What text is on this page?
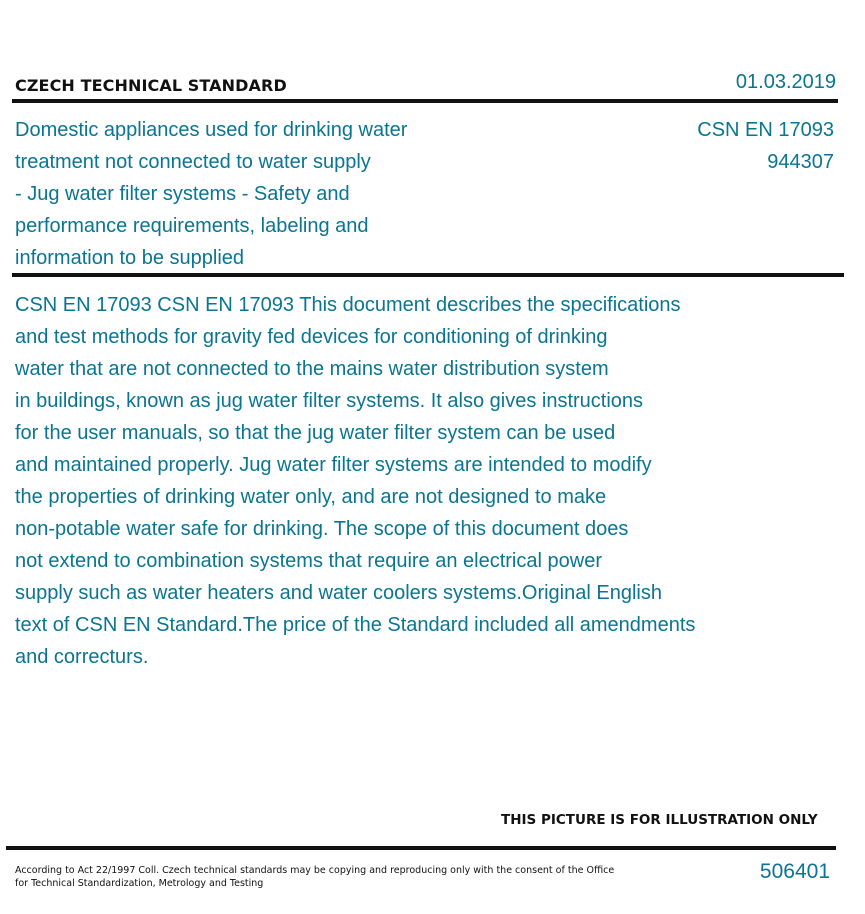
CZECH TECHNICAL STANDARD	01.03.2019
Domestic appliances used for drinking water
treatment not connected to water supply
- Jug water filter systems - Safety and
performance requirements, labeling and
information to be supplied
CSN EN 17093
944307
CSN EN 17093 CSN EN 17093 This document describes the specifications
and test methods for gravity fed devices for conditioning of drinking
water that are not connected to the mains water distribution system
in buildings, known as jug water filter systems. It also gives instructions
for the user manuals, so that the jug water filter system can be used
and maintained properly. Jug water filter systems are intended to modify
the properties of drinking water only, and are not designed to make
non-potable water safe for drinking. The scope of this document does
not extend to combination systems that require an electrical power
supply such as water heaters and water coolers systems.Original English
text of CSN EN Standard.The price of the Standard included all amendments
and correcturs.
THIS PICTURE IS FOR ILLUSTRATION ONLY
According to Act 22/1997 Coll. Czech technical standards may be copying and reproducing only with the consent of the Office
for Technical Standardization, Metrology and Testing
506401
